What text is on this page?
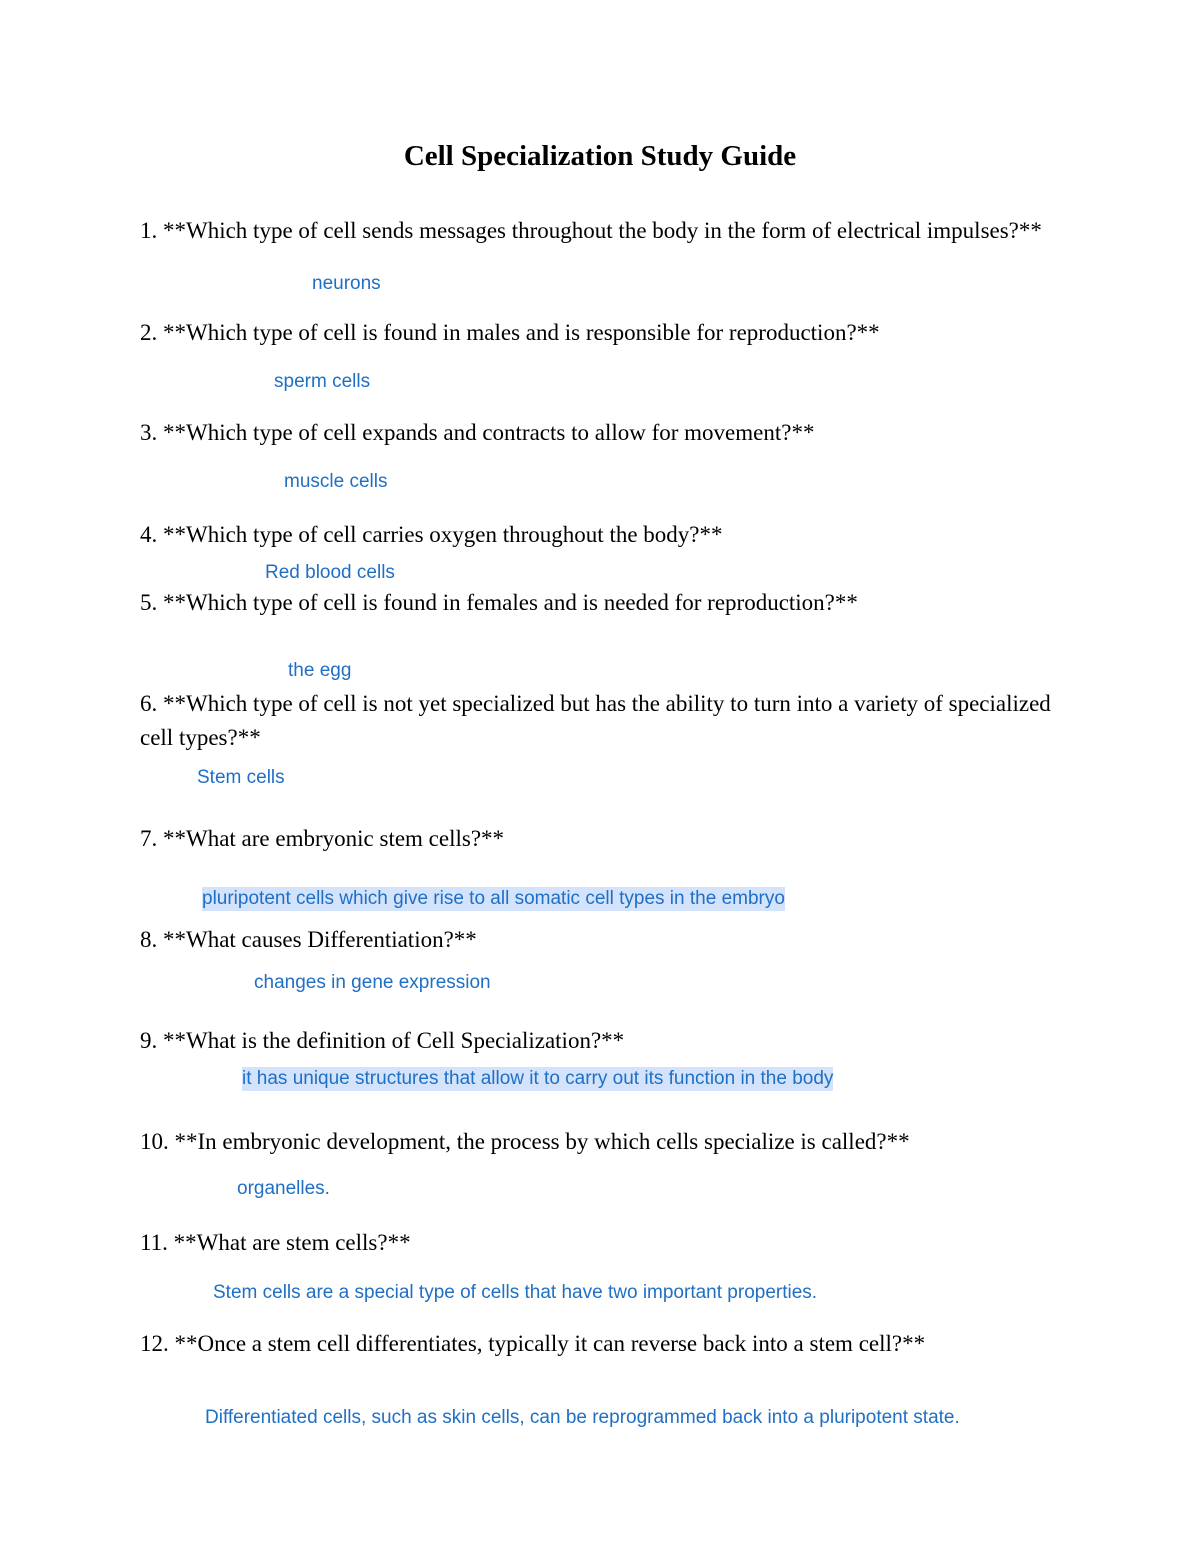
Cell Specialization Study Guide

1. **Which type of cell sends messages throughout the body in the form of electrical impulses?**

neurons

2. **Which type of cell is found in males and is responsible for reproduction?**

sperm cells

3. **Which type of cell expands and contracts to allow for movement?**

muscle cells

4. **Which type of cell carries oxygen throughout the body?**

Red blood cells

5. **Which type of cell is found in females and is needed for reproduction?**

the egg

6. **Which type of cell is not yet specialized but has the ability to turn into a variety of specialized cell types?**

Stem cells

7. **What are embryonic stem cells?**

pluripotent cells which give rise to all somatic cell types in the embryo

8. **What causes Differentiation?**

changes in gene expression

9. **What is the definition of Cell Specialization?**

it has unique structures that allow it to carry out its function in the body

10. **In embryonic development, the process by which cells specialize is called?**

organelles.

11. **What are stem cells?**

Stem cells are a special type of cells that have two important properties.

12. **Once a stem cell differentiates, typically it can reverse back into a stem cell?**

Differentiated cells, such as skin cells, can be reprogrammed back into a pluripotent state.
